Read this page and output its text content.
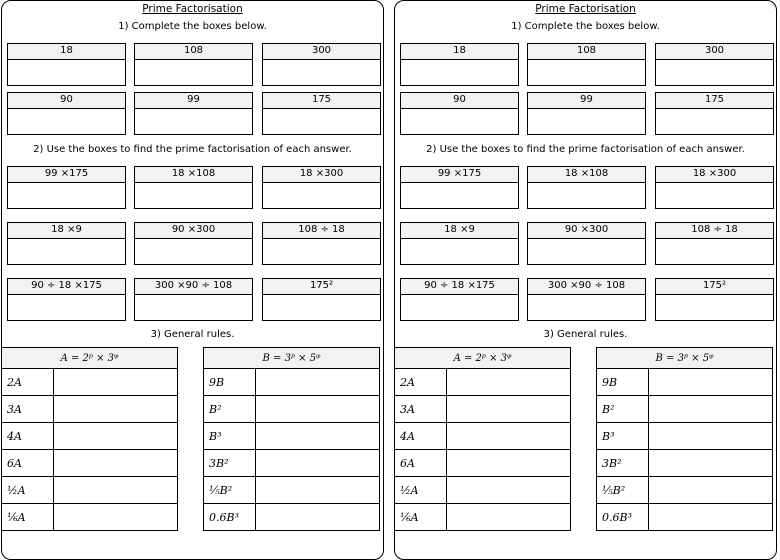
Prime Factorisation
1) Complete the boxes below.
18	108	300
90	99	175
2) Use the boxes to find the prime factorisation of each answer.
99 ×175	18 ×108	18 ×300
18 ×9	90 ×300	108 ÷ 18
90 ÷ 18 ×175	300 ×90 ÷ 108	175²
3) General rules.
A = 2ᵖ × 3ᵠ	
2A	
3A	
4A	
6A	
½A	
⅙A	
B = 3ᵖ × 5ᵠ	
9B	
B²	
B³	
3B²	
⅕B²	
0.6B³	
Prime Factorisation
1) Complete the boxes below.
18	108	300
90	99	175
2) Use the boxes to find the prime factorisation of each answer.
99 ×175	18 ×108	18 ×300
18 ×9	90 ×300	108 ÷ 18
90 ÷ 18 ×175	300 ×90 ÷ 108	175²
3) General rules.
A = 2ᵖ × 3ᵠ	
2A	
3A	
4A	
6A	
½A	
⅙A	
B = 3ᵖ × 5ᵠ	
9B	
B²	
B³	
3B²	
⅕B²	
0.6B³	
